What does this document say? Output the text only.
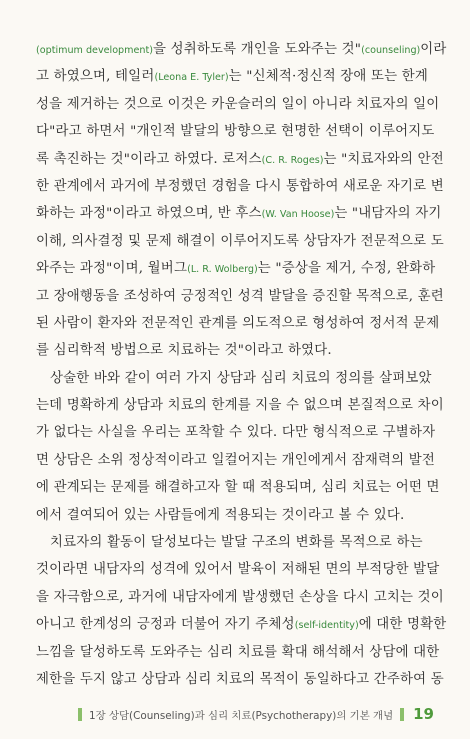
(optimum development)을 성취하도록 개인을 도와주는 것"(counseling)이라
고 하였으며, 테일러(Leona E. Tyler)는 "신체적·정신적 장애 또는 한계
성을 제거하는 것으로 이것은 카운슬러의 일이 아니라 치료자의 일이
다"라고 하면서 "개인적 발달의 방향으로 현명한 선택이 이루어지도
록 촉진하는 것"이라고 하였다. 로저스(C. R. Roges)는 "치료자와의 안전
한 관계에서 과거에 부정했던 경험을 다시 통합하여 새로운 자기로 변
화하는 과정"이라고 하였으며, 반 후스(W. Van Hoose)는 "내담자의 자기
이해, 의사결정 및 문제 해결이 이루어지도록 상담자가 전문적으로 도
와주는 과정"이며, 월버그(L. R. Wolberg)는 "증상을 제거, 수정, 완화하
고 장애행동을 조성하여 긍정적인 성격 발달을 증진할 목적으로, 훈련
된 사람이 환자와 전문적인 관계를 의도적으로 형성하여 정서적 문제
를 심리학적 방법으로 치료하는 것"이라고 하였다.
상술한 바와 같이 여러 가지 상담과 심리 치료의 정의를 살펴보았
는데 명확하게 상담과 치료의 한계를 지을 수 없으며 본질적으로 차이
가 없다는 사실을 우리는 포착할 수 있다. 다만 형식적으로 구별하자
면 상담은 소위 정상적이라고 일컬어지는 개인에게서 잠재력의 발전
에 관계되는 문제를 해결하고자 할 때 적용되며, 심리 치료는 어떤 면
에서 결여되어 있는 사람들에게 적용되는 것이라고 볼 수 있다.
치료자의 활동이 달성보다는 발달 구조의 변화를 목적으로 하는
것이라면 내담자의 성격에 있어서 발육이 저해된 면의 부적당한 발달
을 자극함으로, 과거에 내담자에게 발생했던 손상을 다시 고치는 것이
아니고 한계성의 긍정과 더불어 자기 주체성(self-identity)에 대한 명확한
느낌을 달성하도록 도와주는 심리 치료를 확대 해석해서 상담에 대한
제한을 두지 않고 상담과 심리 치료의 목적이 동일하다고 간주하여 동
1장 상담(Counseling)과 심리 치료(Psychotherapy)의 기본 개념 19
